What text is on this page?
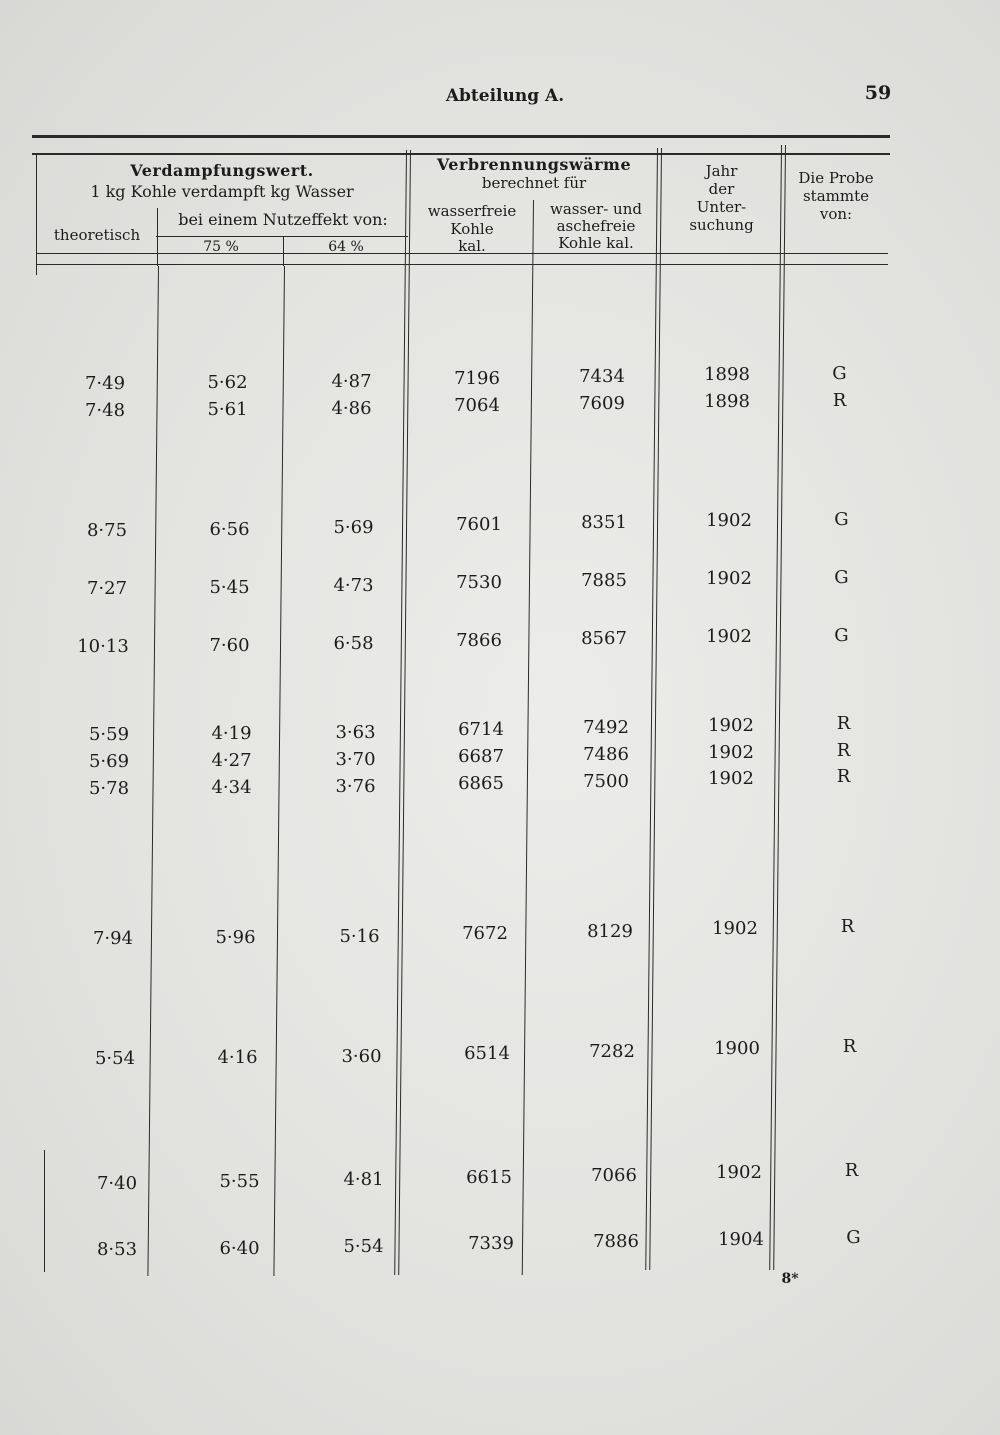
Abteilung A.	59
Verdampfungswert.
1 kg Kohle verdampft kg Wasser
bei einem Nutzeffekt von:
theoretisch
75 %	64 %
Verbrennungswärme
berechnet für
wasserfreie
Kohle
kal.
wasser- und
aschefreie
Kohle kal.
Jahr
der
Unter-
suchung
Die Probe
stammte
von:
7·49	5·62	4·87	7196	7434	1898	G
7·48	5·61	4·86	7064	7609	1898	R
8·75	6·56	5·69	7601	8351	1902	G
7·27	5·45	4·73	7530	7885	1902	G
10·13	7·60	6·58	7866	8567	1902	G
5·59	4·19	3·63	6714	7492	1902	R
5·69	4·27	3·70	6687	7486	1902	R
5·78	4·34	3·76	6865	7500	1902	R
7·94	5·96	5·16	7672	8129	1902	R
5·54	4·16	3·60	6514	7282	1900	R
7·40	5·55	4·81	6615	7066	1902	R
8·53	6·40	5·54	7339	7886	1904	G
8*
